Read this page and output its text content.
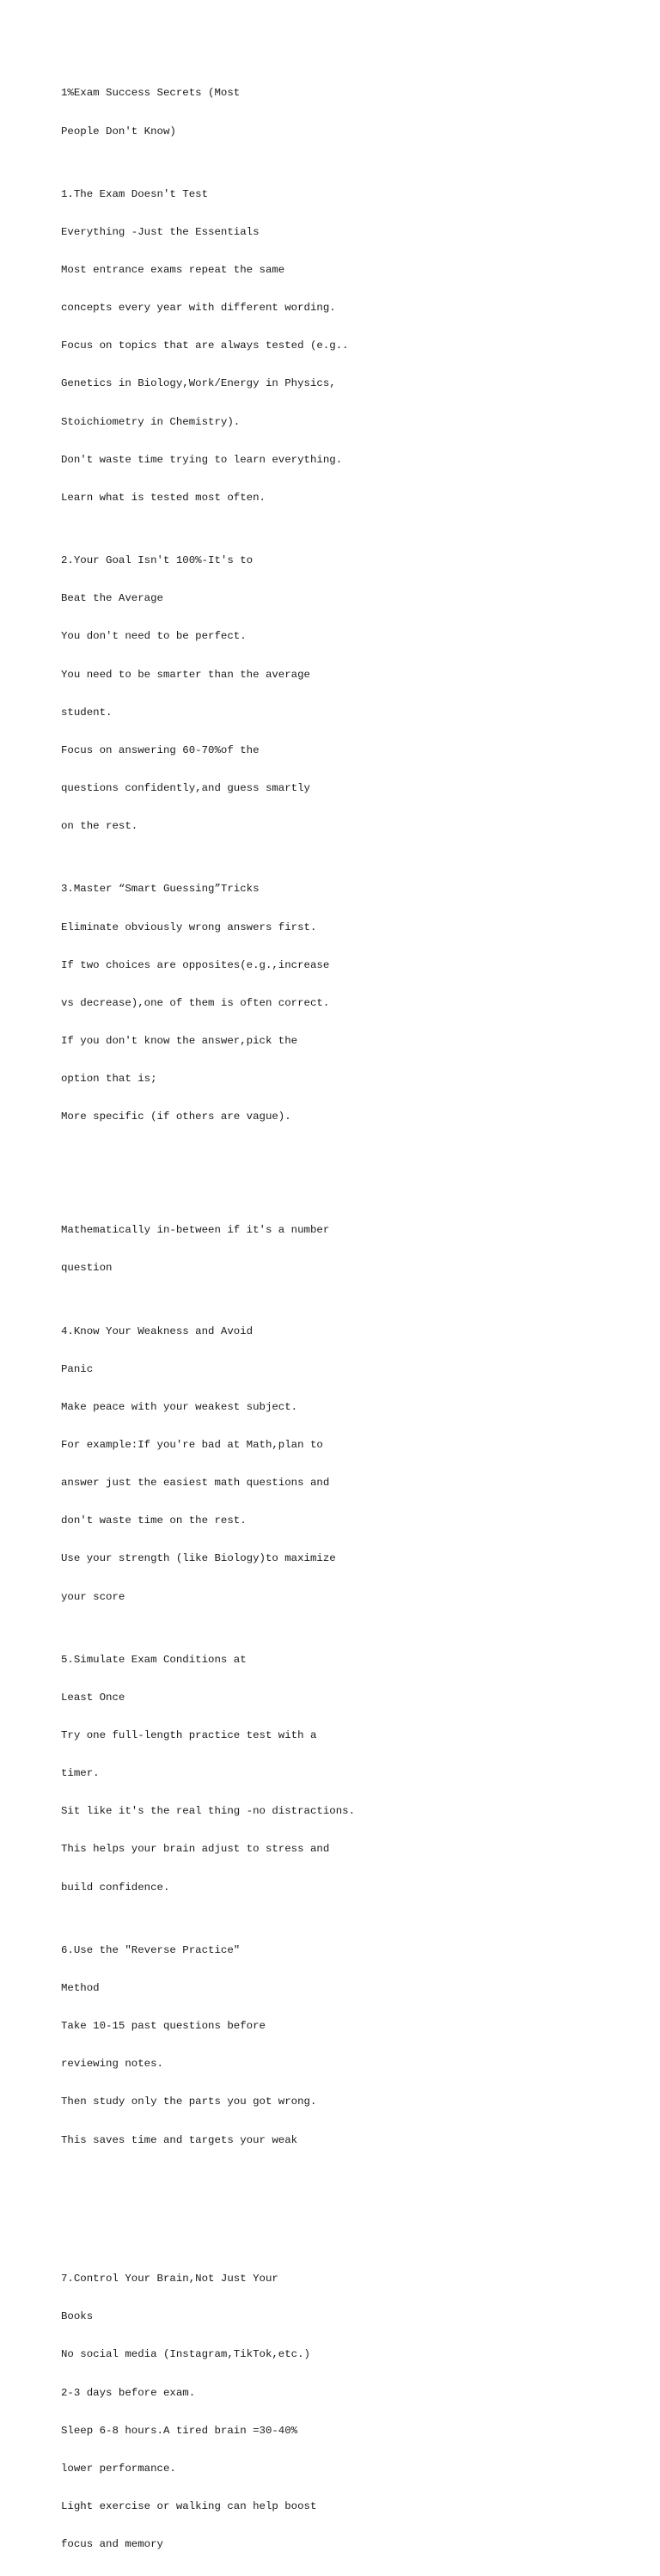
1%Exam Success Secrets (Most

People Don't Know)

1.The Exam Doesn't Test

Everything -Just the Essentials

Most entrance exams repeat the same

concepts every year with different wording.

Focus on topics that are always tested (e.g..

Genetics in Biology,Work/Energy in Physics,

Stoichiometry in Chemistry).

Don't waste time trying to learn everything.

Learn what is tested most often.

2.Your Goal Isn't 100%-It's to

Beat the Average

You don't need to be perfect.

You need to be smarter than the average

student.

Focus on answering 60-70%of the

questions confidently,and guess smartly

on the rest.

3.Master “Smart Guessing”Tricks

Eliminate obviously wrong answers first.

If two choices are opposites(e.g.,increase

vs decrease),one of them is often correct.

If you don't know the answer,pick the

option that is;

More specific (if others are vague).

Mathematically in-between if it's a number

question

4.Know Your Weakness and Avoid

Panic

Make peace with your weakest subject.

For example:If you're bad at Math,plan to

answer just the easiest math questions and

don't waste time on the rest.

Use your strength (like Biology)to maximize

your score

5.Simulate Exam Conditions at

Least Once

Try one full-length practice test with a

timer.

Sit like it's the real thing -no distractions.

This helps your brain adjust to stress and

build confidence.

6.Use the "Reverse Practice"

Method

Take 10-15 past questions before

reviewing notes.

Then study only the parts you got wrong.

This saves time and targets your weak

7.Control Your Brain,Not Just Your

Books

No social media (Instagram,TikTok,etc.)

2-3 days before exam.

Sleep 6-8 hours.A tired brain =30-40%

lower performance.

Light exercise or walking can help boost

focus and memory
